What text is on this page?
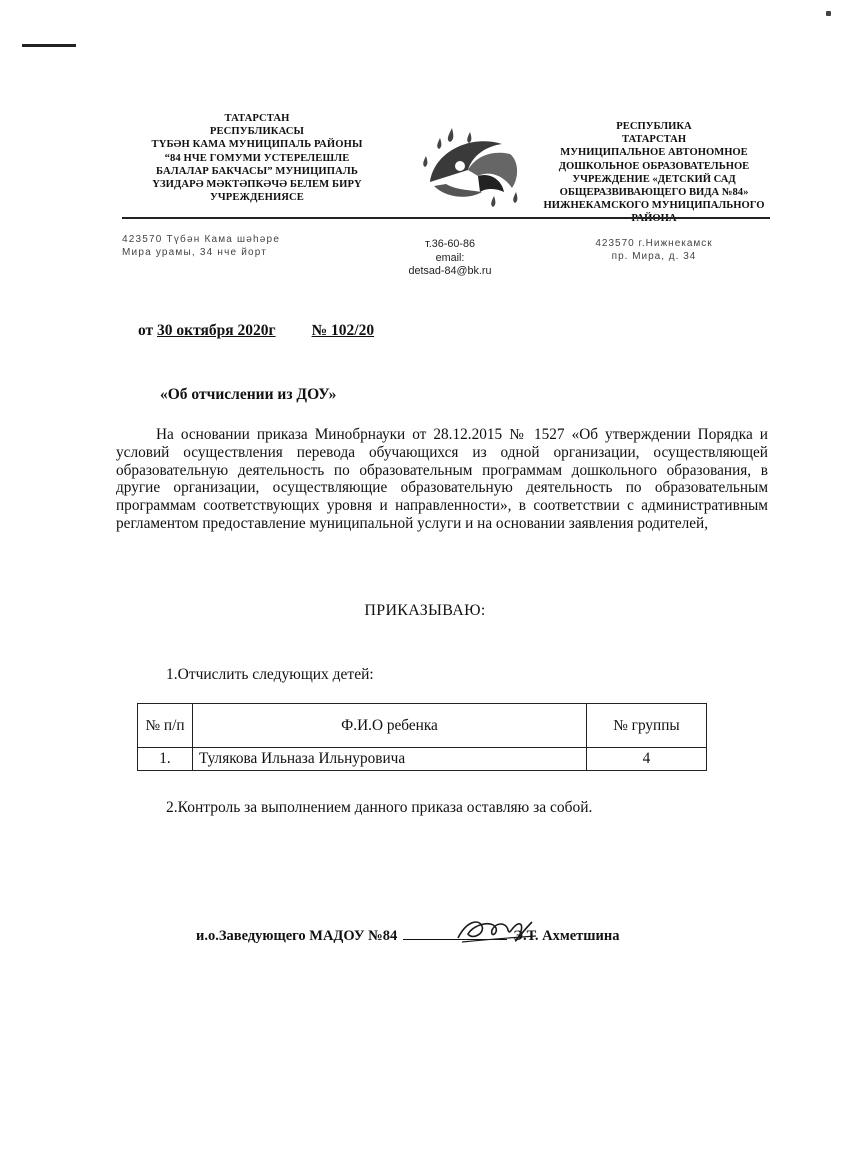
ТАТАРСТАН
РЕСПУБЛИКАСЫ
ТҮБӘН КАМА МУНИЦИПАЛЬ РАЙОНЫ
“84 НЧЕ ГОМУМИ УСТЕРЕЛЕШЛЕ
БАЛАЛАР БАКЧАСЫ” МУНИЦИПАЛЬ
ҮЗИДАРӘ МӘКТӘПКӘЧӘ БЕЛЕМ БИРҮ
УЧРЕЖДЕНИЯСЕ
РЕСПУБЛИКА
ТАТАРСТАН
МУНИЦИПАЛЬНОЕ АВТОНОМНОЕ
ДОШКОЛЬНОЕ ОБРАЗОВАТЕЛЬНОЕ
УЧРЕЖДЕНИЕ «ДЕТСКИЙ САД
ОБЩЕРАЗВИВАЮЩЕГО ВИДА №84»
НИЖНЕКАМСКОГО МУНИЦИПАЛЬНОГО
423570 Түбән Кама шәһәре
Мира урамы, 34 нче йорт
т.36-60-86
email:
detsad-84@bk.ru
423570 г.Нижнекамск
пр. Мира, д. 34
от 30 октября 2020г № 102/20
«Об отчислении из ДОУ»

На основании приказа Минобрнауки от 28.12.2015 № 1527 «Об утверждении Порядка и условий осуществления перевода обучающихся из одной организации, осуществляющей образовательную деятельность по образовательным программам дошкольного образования, в другие организации, осуществляющие образовательную деятельность по образовательным программам соответствующих уровня и направленности», в соответствии с административным регламентом предоставление муниципальной услуги и на основании заявления родителей,

ПРИКАЗЫВАЮ:
1.Отчислить следующих детей:
№ п/п	Ф.И.О ребенка	№ группы
1.	Тулякова Ильназа Ильнуровича	4
2.Контроль за выполнением данного приказа оставляю за собой.
и.о.Заведующего МАДОУ №84	Э.Т. Ахметшина
